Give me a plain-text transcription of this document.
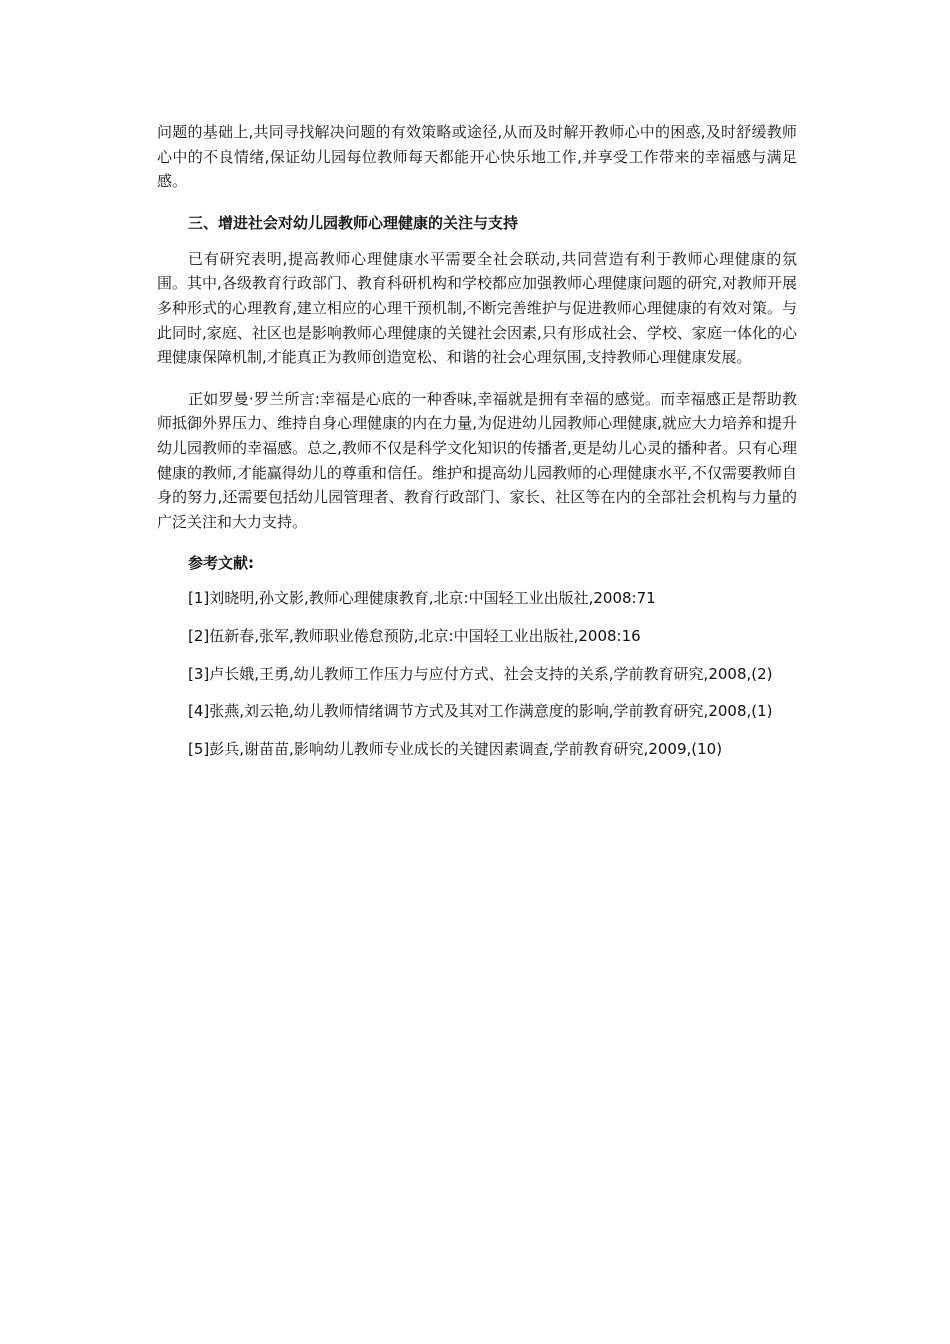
问题的基础上,共同寻找解决问题的有效策略或途径,从而及时解开教师心中的困惑,及时舒缓教师心中的不良情绪,保证幼儿园每位教师每天都能开心快乐地工作,并享受工作带来的幸福感与满足感。

三、增进社会对幼儿园教师心理健康的关注与支持

已有研究表明,提高教师心理健康水平需要全社会联动,共同营造有利于教师心理健康的氛围。其中,各级教育行政部门、教育科研机构和学校都应加强教师心理健康问题的研究,对教师开展多种形式的心理教育,建立相应的心理干预机制,不断完善维护与促进教师心理健康的有效对策。与此同时,家庭、社区也是影响教师心理健康的关键社会因素,只有形成社会、学校、家庭一体化的心理健康保障机制,才能真正为教师创造宽松、和谐的社会心理氛围,支持教师心理健康发展。

正如罗曼·罗兰所言:幸福是心底的一种香味,幸福就是拥有幸福的感觉。而幸福感正是帮助教师抵御外界压力、维持自身心理健康的内在力量,为促进幼儿园教师心理健康,就应大力培养和提升幼儿园教师的幸福感。总之,教师不仅是科学文化知识的传播者,更是幼儿心灵的播种者。只有心理健康的教师,才能赢得幼儿的尊重和信任。维护和提高幼儿园教师的心理健康水平,不仅需要教师自身的努力,还需要包括幼儿园管理者、教育行政部门、家长、社区等在内的全部社会机构与力量的广泛关注和大力支持。

参考文献:

[1]刘晓明,孙文影,教师心理健康教育,北京:中国轻工业出版社,2008:71

[2]伍新春,张军,教师职业倦怠预防,北京:中国轻工业出版社,2008:16

[3]卢长娥,王勇,幼儿教师工作压力与应付方式、社会支持的关系,学前教育研究,2008,(2)

[4]张燕,刘云艳,幼儿教师情绪调节方式及其对工作满意度的影响,学前教育研究,2008,(1)

[5]彭兵,谢苗苗,影响幼儿教师专业成长的关键因素调查,学前教育研究,2009,(10)
